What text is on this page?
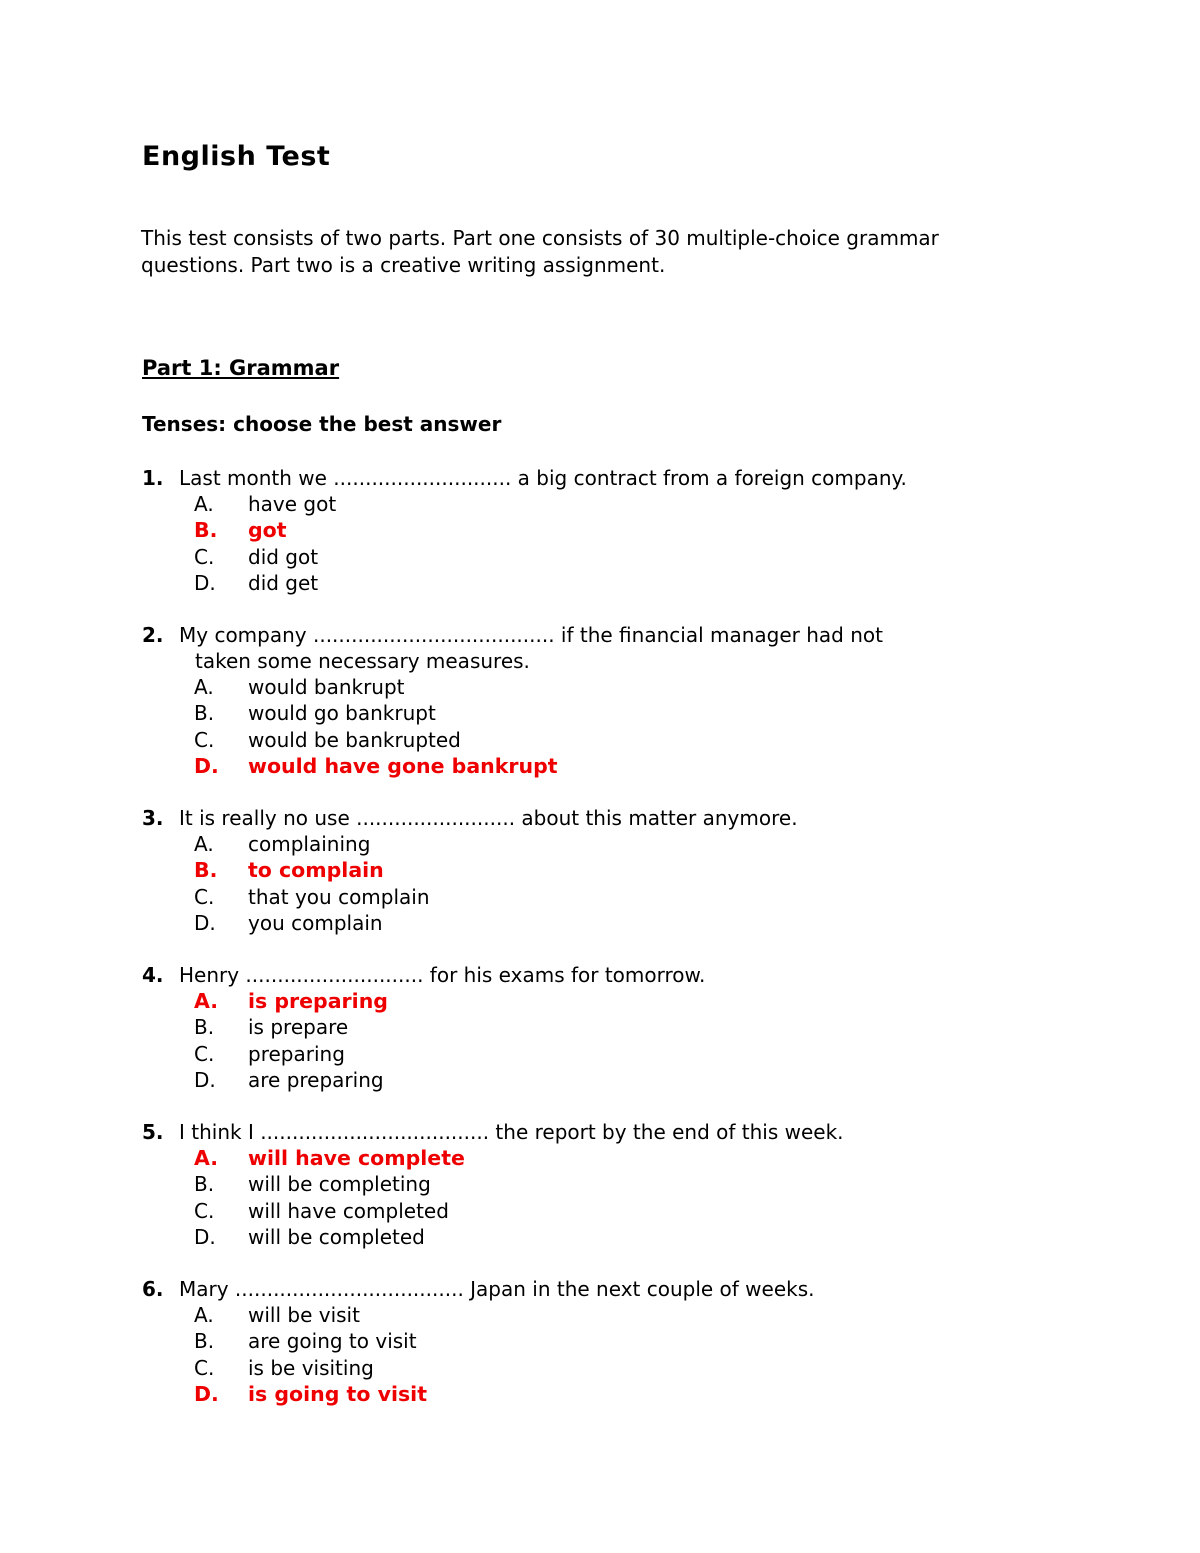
English Test

This test consists of two parts. Part one consists of 30 multiple-choice grammar questions. Part two is a creative writing assignment.

Part 1: Grammar
Tenses: choose the best answer
1. Last month we ............................ a big contract from a foreign company.
A. have got
B. got
C. did got
D. did get
2. My company ...................................... if the financial manager had not
taken some necessary measures.
A. would bankrupt
B. would go bankrupt
C. would be bankrupted
D. would have gone bankrupt
3. It is really no use ......................... about this matter anymore.
A. complaining
B. to complain
C. that you complain
D. you complain
4. Henry ............................ for his exams for tomorrow.
A. is preparing
B. is prepare
C. preparing
D. are preparing
5. I think I .................................... the report by the end of this week.
A. will have complete
B. will be completing
C. will have completed
D. will be completed
6. Mary .................................... Japan in the next couple of weeks.
A. will be visit
B. are going to visit
C. is be visiting
D. is going to visit
